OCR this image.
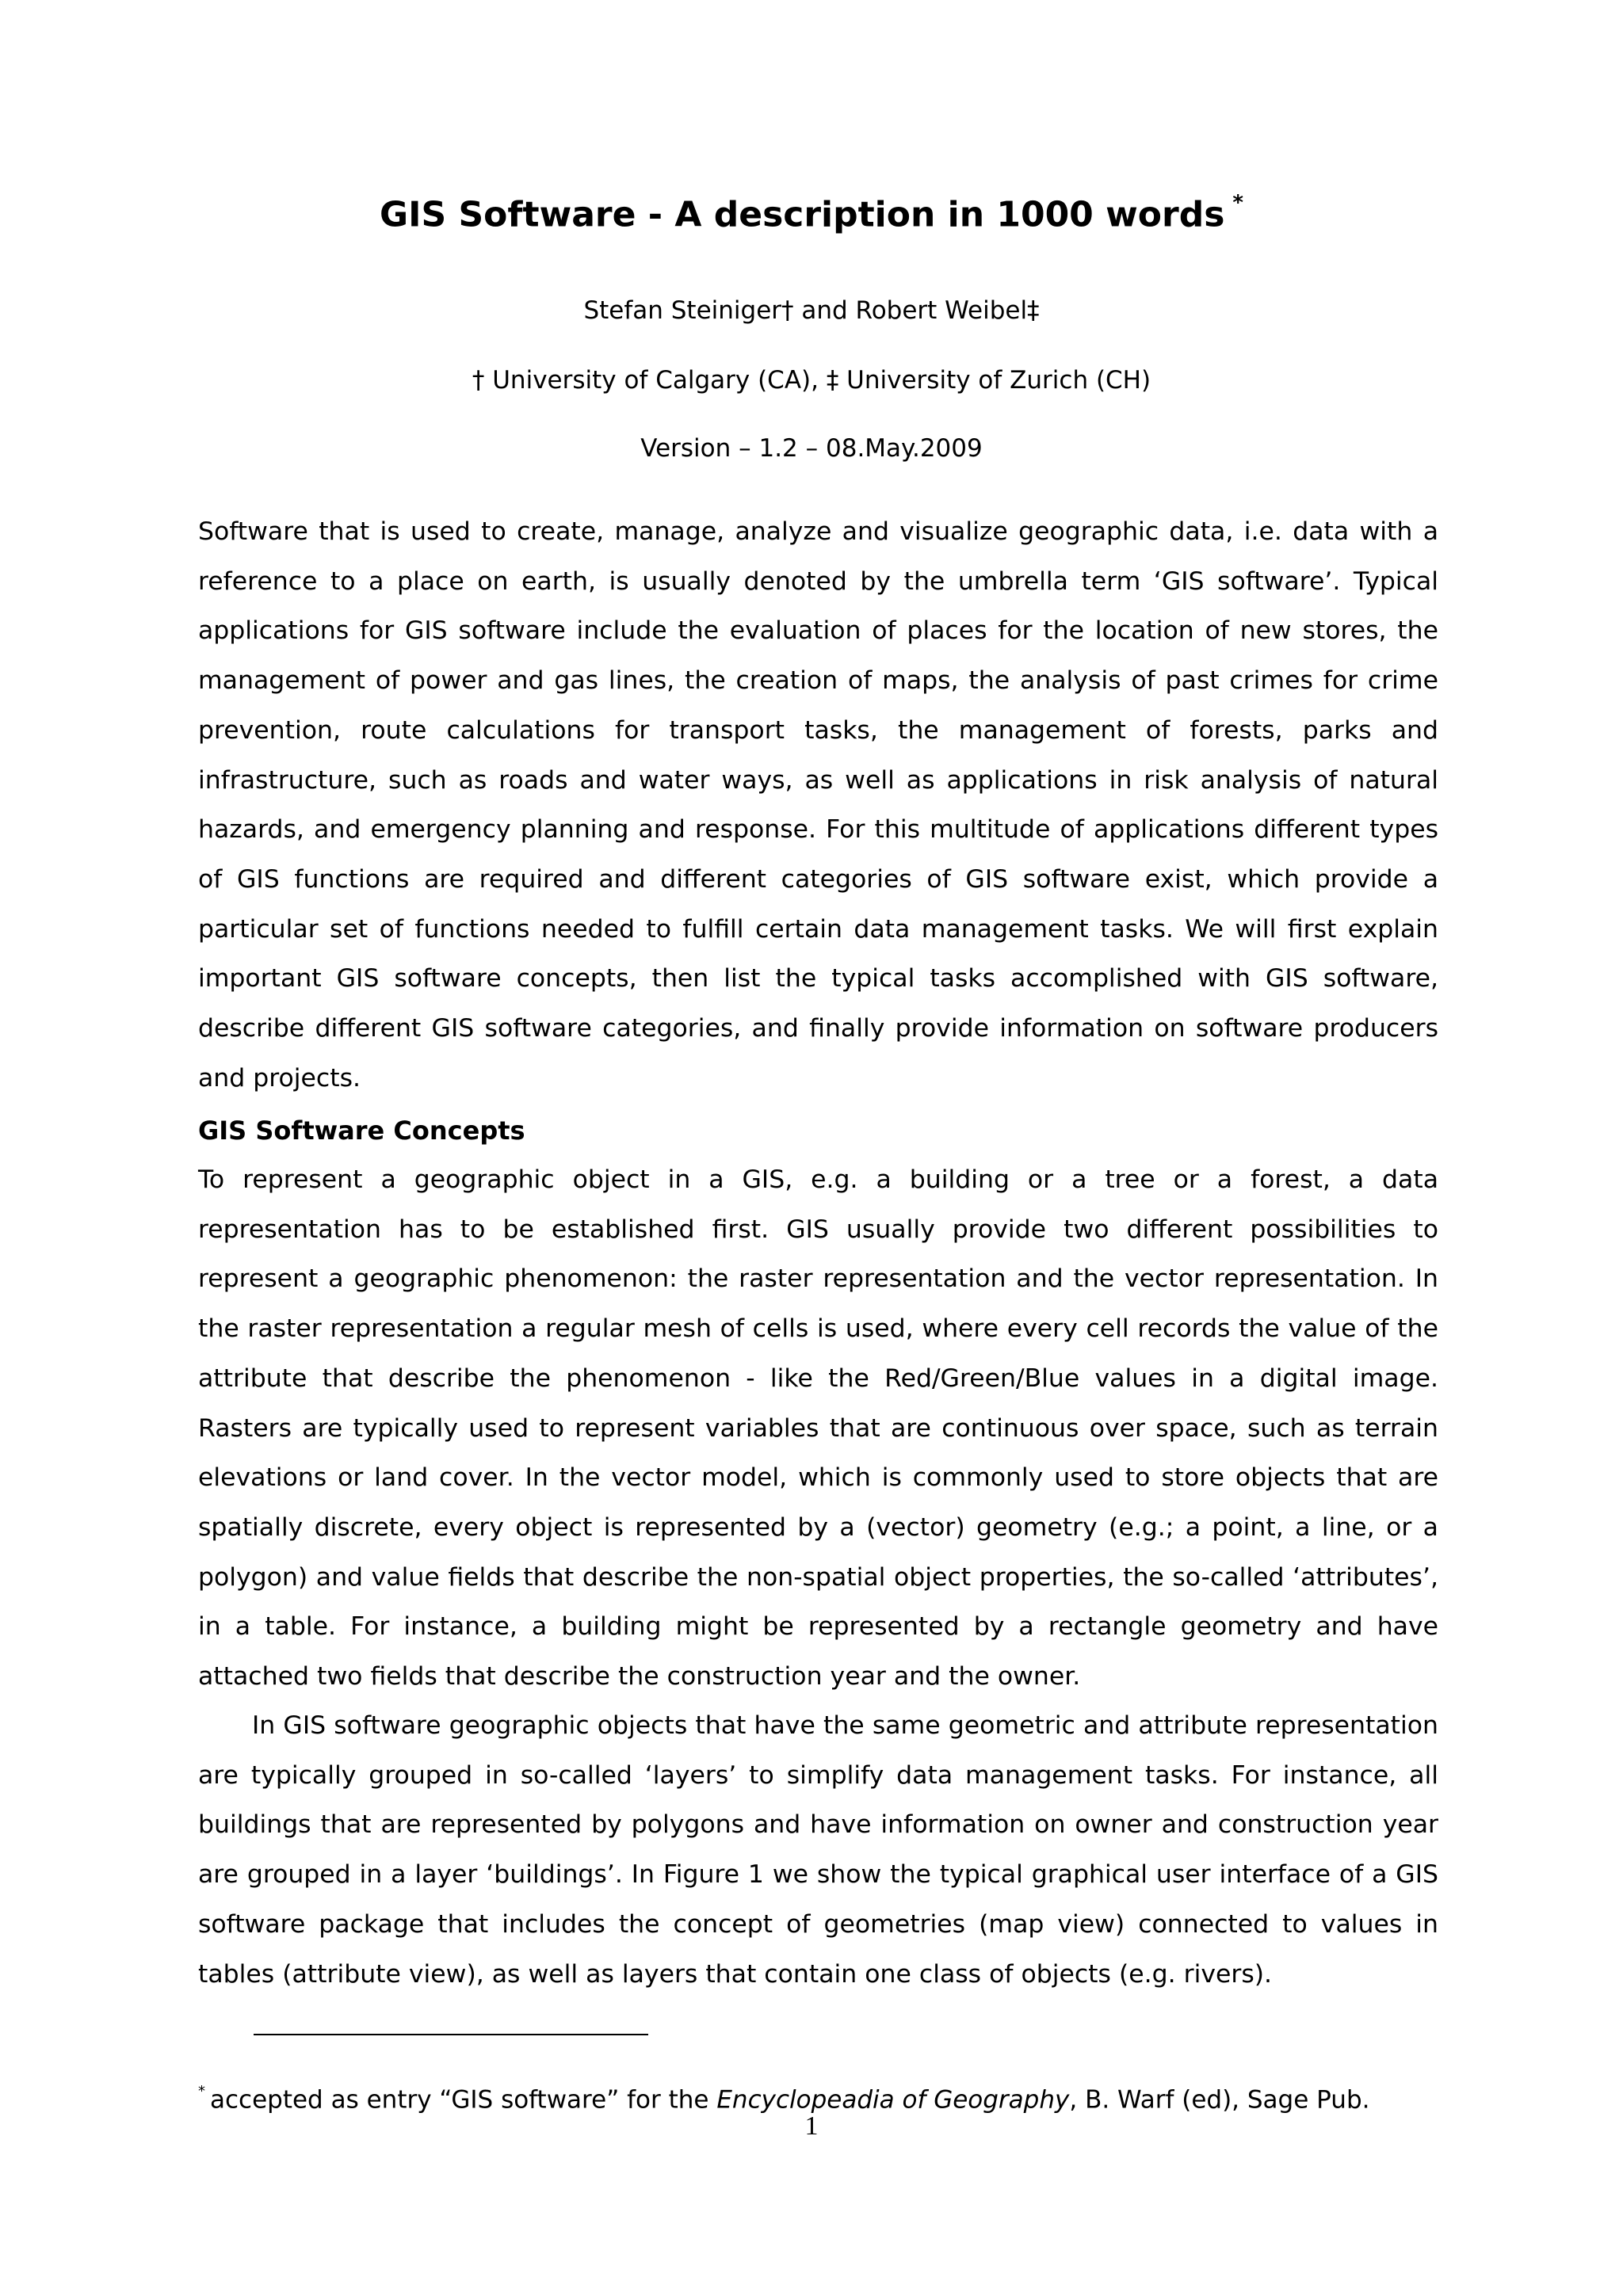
GIS Software - A description in 1000 words *
Stefan Steiniger† and Robert Weibel‡
† University of Calgary (CA), ‡ University of Zurich (CH)
Version – 1.2 – 08.May.2009

Software that is used to create, manage, analyze and visualize geographic data, i.e. data with a reference to a place on earth, is usually denoted by the umbrella term ‘GIS software’. Typical applications for GIS software include the evaluation of places for the location of new stores, the management of power and gas lines, the creation of maps, the analysis of past crimes for crime prevention, route calculations for transport tasks, the management of forests, parks and infrastructure, such as roads and water ways, as well as applications in risk analysis of natural hazards, and emergency planning and response. For this multitude of applications different types of GIS functions are required and different categories of GIS software exist, which provide a particular set of functions needed to fulfill certain data management tasks. We will first explain important GIS software concepts, then list the typical tasks accomplished with GIS software, describe different GIS software categories, and finally provide information on software producers and projects.

GIS Software Concepts

To represent a geographic object in a GIS, e.g. a building or a tree or a forest, a data representation has to be established first. GIS usually provide two different possibilities to represent a geographic phenomenon: the raster representation and the vector representation. In the raster representation a regular mesh of cells is used, where every cell records the value of the attribute that describe the phenomenon - like the Red/Green/Blue values in a digital image. Rasters are typically used to represent variables that are continuous over space, such as terrain elevations or land cover. In the vector model, which is commonly used to store objects that are spatially discrete, every object is represented by a (vector) geometry (e.g.; a point, a line, or a polygon) and value fields that describe the non-spatial object properties, the so-called ‘attributes’, in a table. For instance, a building might be represented by a rectangle geometry and have attached two fields that describe the construction year and the owner.

In GIS software geographic objects that have the same geometric and attribute representation are typically grouped in so-called ‘layers’ to simplify data management tasks. For instance, all buildings that are represented by polygons and have information on owner and construction year are grouped in a layer ‘buildings’. In Figure 1 we show the typical graphical user interface of a GIS software package that includes the concept of geometries (map view) connected to values in tables (attribute view), as well as layers that contain one class of objects (e.g. rivers).

* accepted as entry “GIS software” for the Encyclopeadia of Geography, B. Warf (ed), Sage Pub.

1
